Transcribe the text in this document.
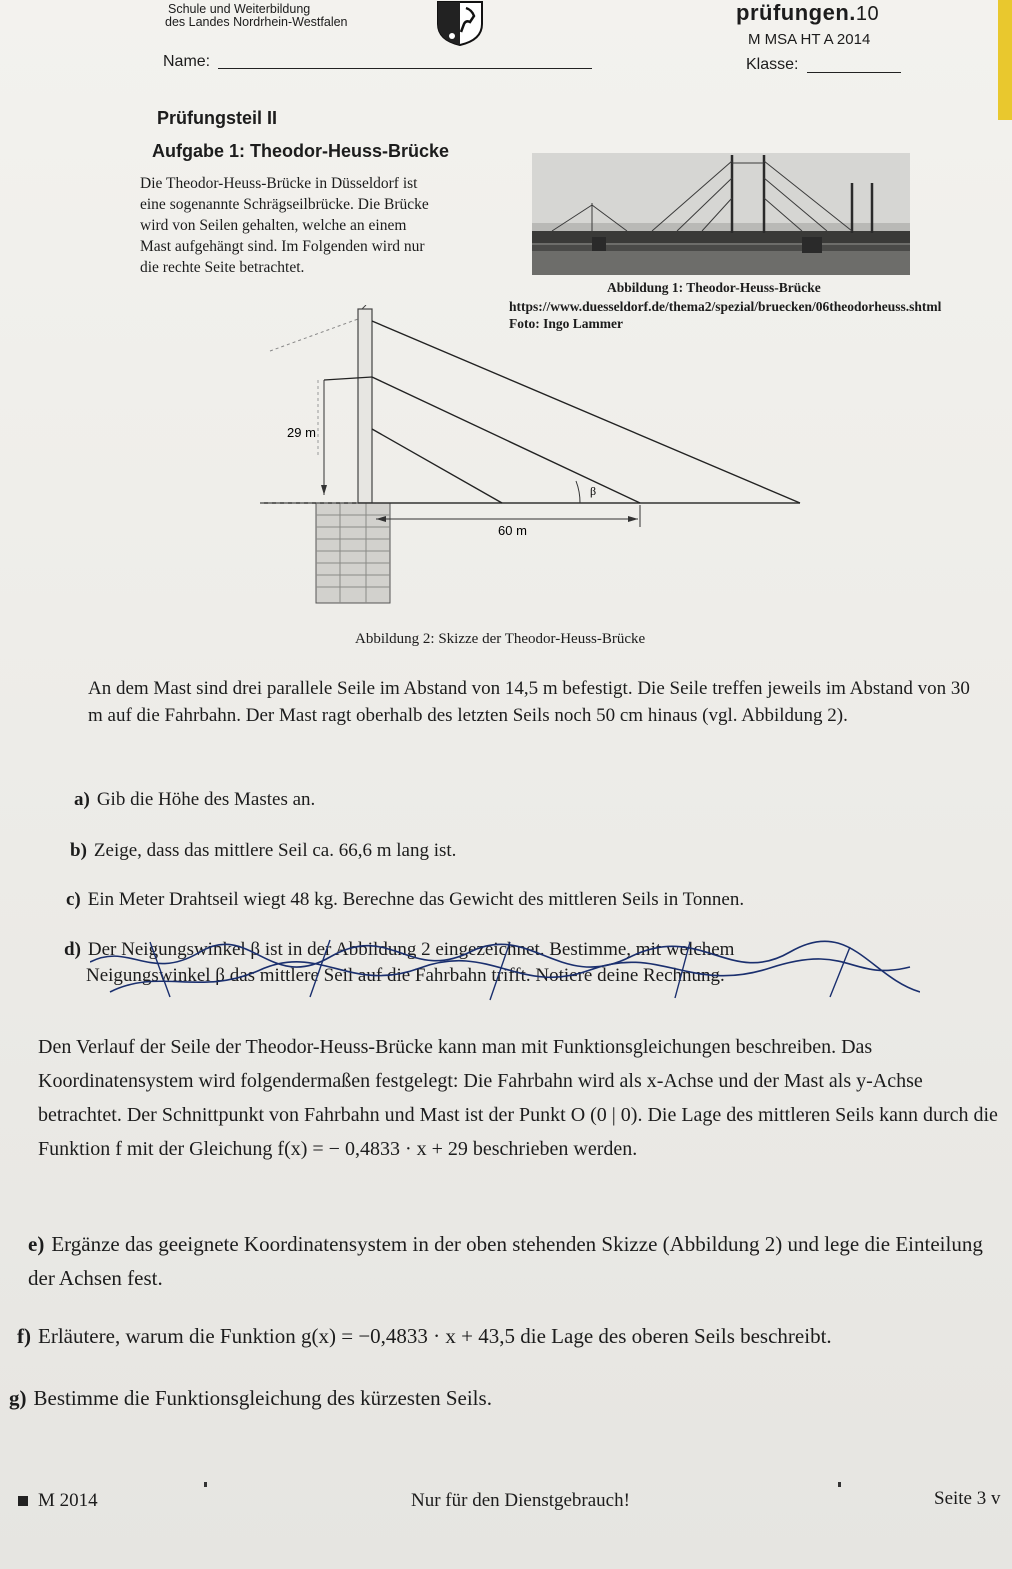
Schule und Weiterbildung
des Landes Nordrhein-Westfalen	prüfungen.10
M MSA HT A 2014
Name:	Klasse:
Prüfungsteil II
Aufgabe 1: Theodor-Heuss-Brücke
Die Theodor-Heuss-Brücke in Düsseldorf ist
eine sogenannte Schrägseilbrücke. Die Brücke
wird von Seilen gehalten, welche an einem
Mast aufgehängt sind. Im Folgenden wird nur
die rechte Seite betrachtet.
Abbildung 1: Theodor-Heuss-Brücke
https://www.duesseldorf.de/thema2/spezial/bruecken/06theodorheuss.shtml
Foto: Ingo Lammer
29 m
60 m
β
Abbildung 2: Skizze der Theodor-Heuss-Brücke
An dem Mast sind drei parallele Seile im Abstand von 14,5 m befestigt. Die Seile treffen jeweils im Abstand von 30 m auf die Fahrbahn. Der Mast ragt oberhalb des letzten Seils noch 50 cm hinaus (vgl. Abbildung 2).
a) Gib die Höhe des Mastes an.
b) Zeige, dass das mittlere Seil ca. 66,6 m lang ist.
c) Ein Meter Drahtseil wiegt 48 kg. Berechne das Gewicht des mittleren Seils in Tonnen.
d) Der Neigungswinkel β ist in der Abbildung 2 eingezeichnet. Bestimme, mit welchem
Neigungswinkel β das mittlere Seil auf die Fahrbahn trifft. Notiere deine Rechnung.
Den Verlauf der Seile der Theodor-Heuss-Brücke kann man mit Funktionsgleichungen beschreiben. Das Koordinatensystem wird folgendermaßen festgelegt: Die Fahrbahn wird als x-Achse und der Mast als y-Achse betrachtet. Der Schnittpunkt von Fahrbahn und Mast ist der Punkt O (0 | 0). Die Lage des mittleren Seils kann durch die Funktion f mit der Gleichung f(x) = − 0,4833 · x + 29 beschrieben werden.
e) Ergänze das geeignete Koordinatensystem in der oben stehenden Skizze (Abbildung 2) und lege die Einteilung der Achsen fest.
f) Erläutere, warum die Funktion g(x) = −0,4833 · x + 43,5 die Lage des oberen Seils beschreibt.
g) Bestimme die Funktionsgleichung des kürzesten Seils.
M 2014	Nur für den Dienstgebrauch!	Seite 3 v
